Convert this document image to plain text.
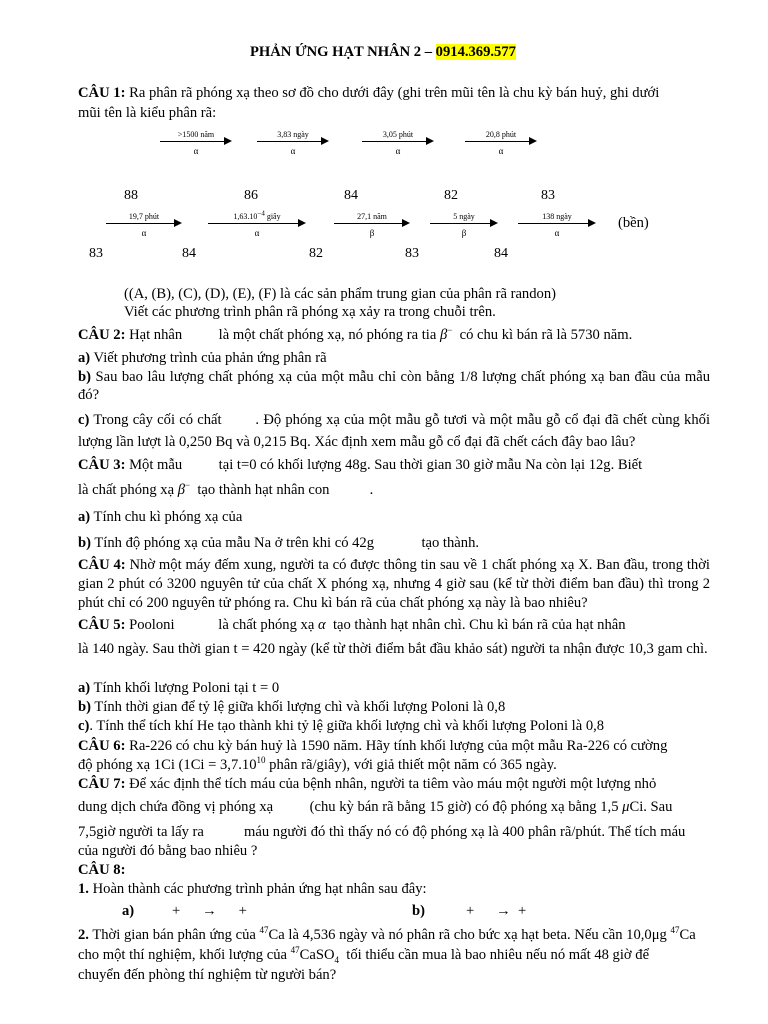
PHẢN ỨNG HẠT NHÂN 2 – 0914.369.577
CÂU 1: Ra phân rã phóng xạ theo sơ đồ cho dưới đây (ghi trên mũi tên là chu kỳ bán huỷ, ghi dưới
mũi tên là kiểu phân rã:
>1500 năm
α
3,83 ngày
α
3,05 phút
α
20,8 phút
α
88	86	84	82	83
19,7 phút
α
$1,63.10^{-4}$ giây
α
27,1 năm
β
5 ngày
β
138 ngày
α
(bền)
83	84	82	83	84
((A, (B), (C), (D), (E), (F) là các sản phẩm trung gian của phân rã randon)
Viết các phương trình phân rã phóng xạ xảy ra trong chuỗi trên.
CÂU 2: Hạt nhân          là một chất phóng xạ, nó phóng ra tia β−  có chu kì bán rã là 5730 năm.
a) Viết phương trình của phản ứng phân rã
b) Sau bao lâu lượng chất phóng xạ của một mẫu chỉ còn bằng 1/8 lượng chất phóng xạ ban đầu của mẫu đó?
c) Trong cây cối có chất        . Độ phóng xạ của một mẫu gỗ tươi và một mẫu gỗ cổ đại đã chết cùng khối lượng lần lượt là 0,250 Bq và 0,215 Bq. Xác định xem mẫu gỗ cổ đại đã chết cách đây bao lâu?
CÂU 3: Một mẫu          tại t=0 có khối lượng 48g. Sau thời gian 30 giờ mẫu Na còn lại 12g. Biết
là chất phóng xạ β−  tạo thành hạt nhân con           .
a) Tính chu kì phóng xạ của
b) Tính độ phóng xạ của mẫu Na ở trên khi có 42g             tạo thành.
CÂU 4: Nhờ một máy đếm xung, người ta có được thông tin sau về 1 chất phóng xạ X. Ban đầu, trong thời gian 2 phút có 3200 nguyên tử của chất X phóng xạ, nhưng 4 giờ sau (kể từ thời điểm ban đầu) thì trong 2 phút chỉ có 200 nguyên tử phóng ra. Chu kì bán rã của chất phóng xạ này là bao nhiêu?
CÂU 5: Pooloni            là chất phóng xạ α  tạo thành hạt nhân chì. Chu kì bán rã của hạt nhân
là 140 ngày. Sau thời gian t = 420 ngày (kể từ thời điểm bắt đầu khảo sát) người ta nhận được 10,3 gam chì.
a) Tính khối lượng Poloni tại t = 0
b) Tính thời gian để tỷ lệ giữa khối lượng chì và khối lượng Poloni là 0,8
c). Tính thể tích khí He tạo thành khi tỷ lệ giữa khối lượng chì và khối lượng Poloni là 0,8
CÂU 6: Ra-226 có chu kỳ bán huỷ là 1590 năm. Hãy tính khối lượng của một mẫu Ra-226 có cường
độ phóng xạ 1Ci ($1Ci = 3,7.10^{10}$ phân rã/giây), với giả thiết một năm có 365 ngày.
CÂU 7: Để xác định thể tích máu của bệnh nhân, người ta tiêm vào máu một người một lượng nhỏ
dung dịch chứa đồng vị phóng xạ          (chu kỳ bán rã bằng 15 giờ) có độ phóng xạ bằng 1,5 μCi. Sau
7,5giờ người ta lấy ra           máu người đó thì thấy nó có độ phóng xạ là 400 phân rã/phút. Thể tích máu
của người đó bằng bao nhiêu ?
CÂU 8:
1. Hoàn thành các phương trình phản ứng hạt nhân sau đây:
a)	+      →      +	b)	+      →  +
2. Thời gian bán phân ứng của $^{47}$Ca là 4,536 ngày và nó phân rã cho bức xạ hạt beta. Nếu cần 10,0μg $^{47}$Ca
cho một thí nghiệm, khối lượng của $^{47}$CaSO$_4$  tối thiểu cần mua là bao nhiêu nếu nó mất 48 giờ để
chuyển đến phòng thí nghiệm từ người bán?
